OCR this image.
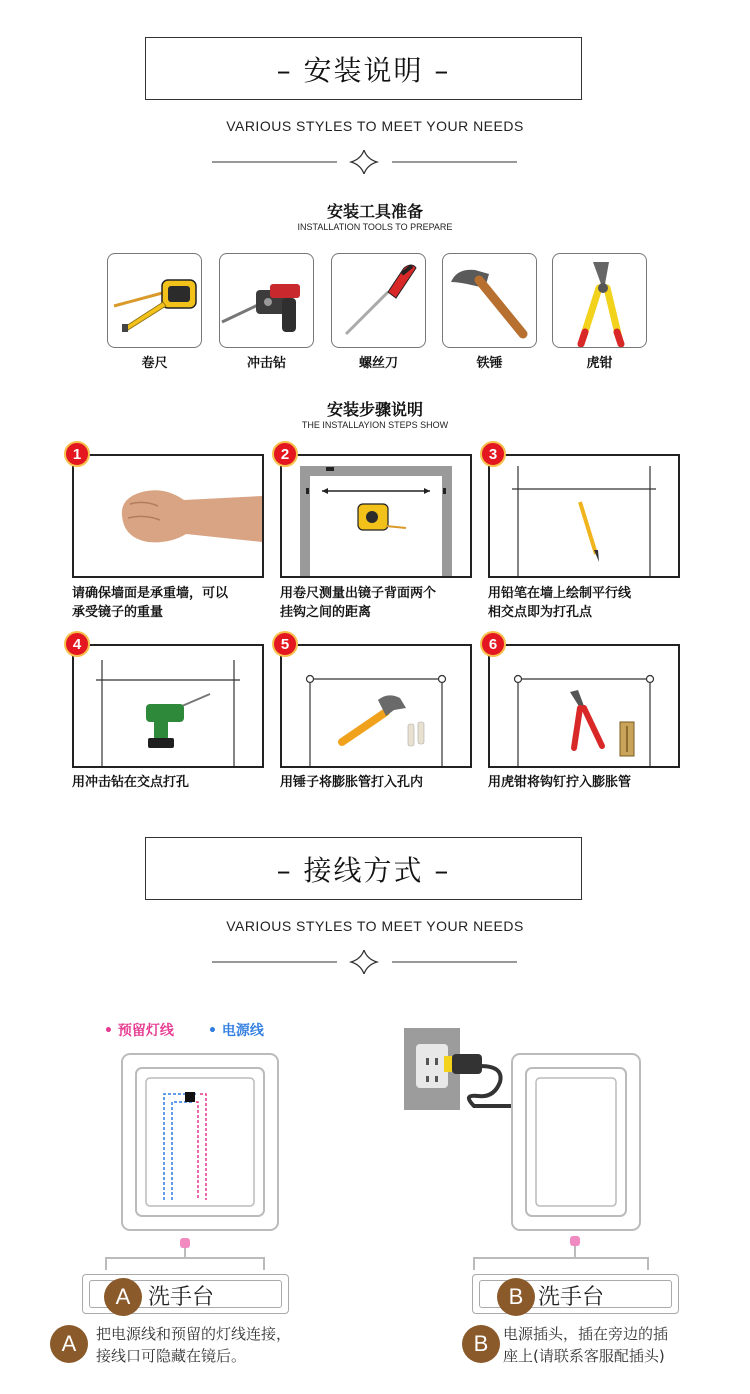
– 安装说明 –
VARIOUS STYLES TO MEET YOUR NEEDS
安装工具准备
INSTALLATION TOOLS TO PREPARE
卷尺	冲击钻	螺丝刀	铁锤	虎钳
安装步骤说明
THE INSTALLAYION STEPS SHOW
1
请确保墙面是承重墙，可以
承受镜子的重量
2
用卷尺测量出镜子背面两个
挂钩之间的距离
3
用铅笔在墙上绘制平行线
相交点即为打孔点
4
用冲击钻在交点打孔
5
用锤子将膨胀管打入孔内
6
用虎钳将钩钉拧入膨胀管
– 接线方式 –
VARIOUS STYLES TO MEET YOUR NEEDS
• 预留灯线 • 电源线
A 洗手台	B 洗手台
A	把电源线和预留的灯线连接，
接线口可隐藏在镜后。	B 电源插头，插在旁边的插
座上(请联系客服配插头)
